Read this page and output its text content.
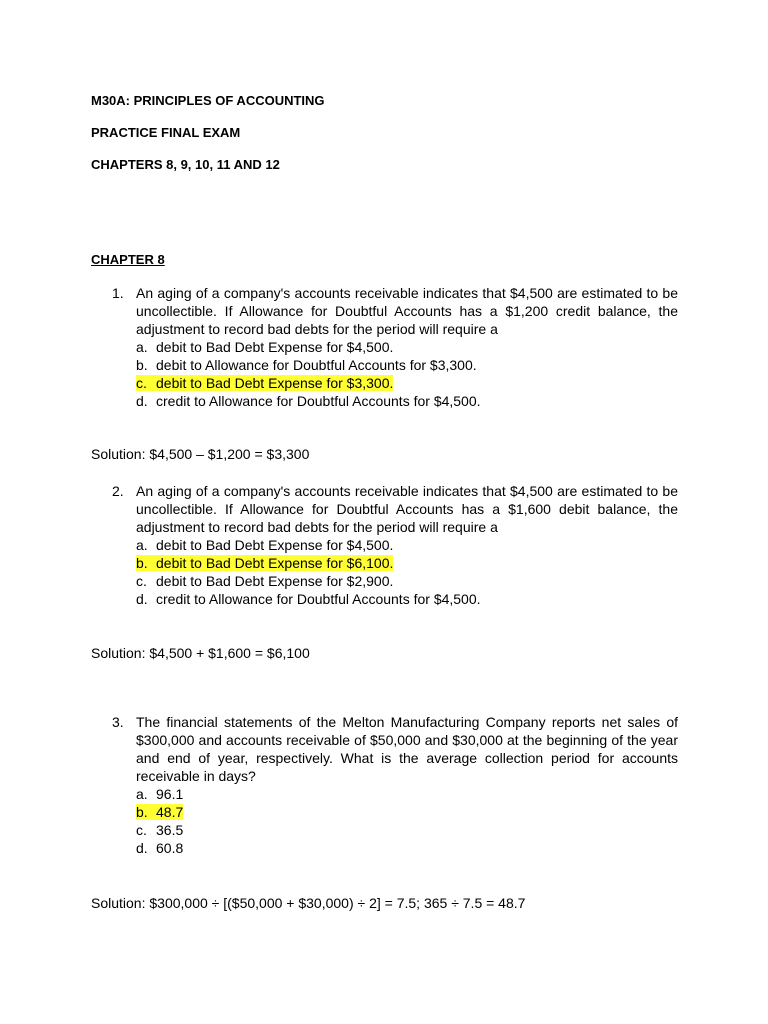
M30A: PRINCIPLES OF ACCOUNTING
PRACTICE FINAL EXAM
CHAPTERS 8, 9, 10, 11 AND 12
CHAPTER 8
1. An aging of a company's accounts receivable indicates that $4,500 are estimated to be uncollectible. If Allowance for Doubtful Accounts has a $1,200 credit balance, the adjustment to record bad debts for the period will require a
a. debit to Bad Debt Expense for $4,500.
b. debit to Allowance for Doubtful Accounts for $3,300.
c. debit to Bad Debt Expense for $3,300.
d. credit to Allowance for Doubtful Accounts for $4,500.
Solution: $4,500 – $1,200 = $3,300
2. An aging of a company's accounts receivable indicates that $4,500 are estimated to be uncollectible. If Allowance for Doubtful Accounts has a $1,600 debit balance, the adjustment to record bad debts for the period will require a
a. debit to Bad Debt Expense for $4,500.
b. debit to Bad Debt Expense for $6,100.
c. debit to Bad Debt Expense for $2,900.
d. credit to Allowance for Doubtful Accounts for $4,500.
Solution: $4,500 + $1,600 = $6,100
3. The financial statements of the Melton Manufacturing Company reports net sales of $300,000 and accounts receivable of $50,000 and $30,000 at the beginning of the year and end of year, respectively. What is the average collection period for accounts receivable in days?
a. 96.1
b. 48.7
c. 36.5
d. 60.8
Solution: $300,000 ÷ [($50,000 + $30,000) ÷ 2] = 7.5; 365 ÷ 7.5 = 48.7
